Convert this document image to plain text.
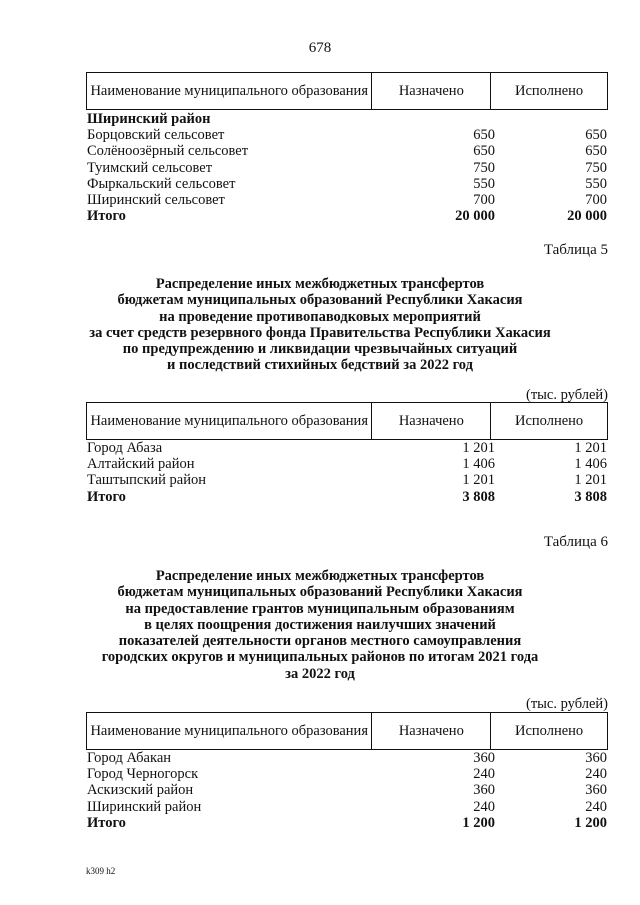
678
Наименование муниципального образования	Назначено	Исполнено
Ширинский район
Борцовский сельсовет	650	650
Солёноозёрный сельсовет	650	650
Туимский сельсовет	750	750
Фыркальский сельсовет	550	550
Ширинский сельсовет	700	700
Итого	20 000	20 000
Таблица 5
Распределение иных межбюджетных трансфертов
бюджетам муниципальных образований Республики Хакасия
на проведение противопаводковых мероприятий
за счет средств резервного фонда Правительства Республики Хакасия
по предупреждению и ликвидации чрезвычайных ситуаций
и последствий стихийных бедствий за 2022 год
(тыс. рублей)
Наименование муниципального образования	Назначено	Исполнено
Город Абаза	1 201	1 201
Алтайский район	1 406	1 406
Таштыпский район	1 201	1 201
Итого	3 808	3 808
Таблица 6
Распределение иных межбюджетных трансфертов
бюджетам муниципальных образований Республики Хакасия
на предоставление грантов муниципальным образованиям
в целях поощрения достижения наилучших значений
показателей деятельности органов местного самоуправления
городских округов и муниципальных районов по итогам 2021 года
за 2022 год
(тыс. рублей)
Наименование муниципального образования	Назначено	Исполнено
Город Абакан	360	360
Город Черногорск	240	240
Аскизский район	360	360
Ширинский район	240	240
Итого	1 200	1 200
k309 h2
